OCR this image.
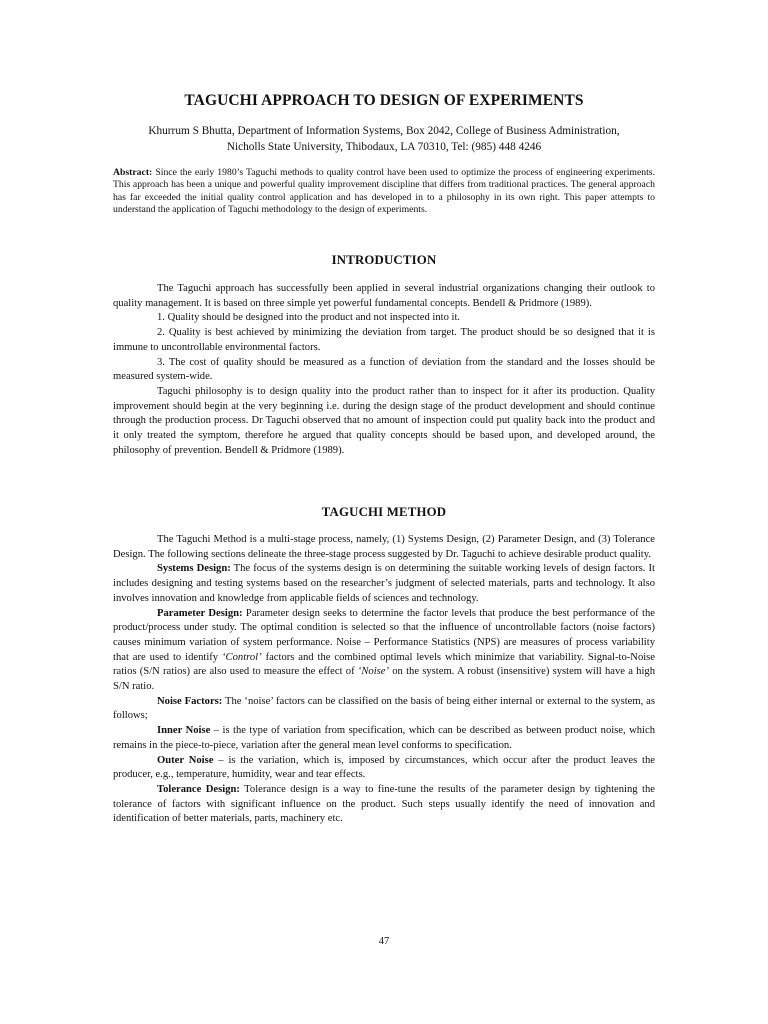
TAGUCHI APPROACH TO DESIGN OF EXPERIMENTS
Khurrum S Bhutta, Department of Information Systems, Box 2042, College of Business Administration,
Nicholls State University, Thibodaux, LA 70310, Tel: (985) 448 4246
Abstract: Since the early 1980’s Taguchi methods to quality control have been used to optimize the process of engineering experiments. This approach has been a unique and powerful quality improvement discipline that differs from traditional practices. The general approach has far exceeded the initial quality control application and has developed in to a philosophy in its own right. This paper attempts to understand the application of Taguchi methodology to the design of experiments.
INTRODUCTION

The Taguchi approach has successfully been applied in several industrial organizations changing their outlook to quality management. It is based on three simple yet powerful fundamental concepts. Bendell & Pridmore (1989).

1. Quality should be designed into the product and not inspected into it.

2. Quality is best achieved by minimizing the deviation from target. The product should be so designed that it is immune to uncontrollable environmental factors.

3. The cost of quality should be measured as a function of deviation from the standard and the losses should be measured system-wide.

Taguchi philosophy is to design quality into the product rather than to inspect for it after its production. Quality improvement should begin at the very beginning i.e. during the design stage of the product development and should continue through the production process. Dr Taguchi observed that no amount of inspection could put quality back into the product and it only treated the symptom, therefore he argued that quality concepts should be based upon, and developed around, the philosophy of prevention. Bendell & Pridmore (1989).

TAGUCHI METHOD

The Taguchi Method is a multi-stage process, namely, (1) Systems Design, (2) Parameter Design, and (3) Tolerance Design. The following sections delineate the three-stage process suggested by Dr. Taguchi to achieve desirable product quality.

Systems Design: The focus of the systems design is on determining the suitable working levels of design factors. It includes designing and testing systems based on the researcher’s judgment of selected materials, parts and technology. It also involves innovation and knowledge from applicable fields of sciences and technology.

Parameter Design: Parameter design seeks to determine the factor levels that produce the best performance of the product/process under study. The optimal condition is selected so that the influence of uncontrollable factors (noise factors) causes minimum variation of system performance. Noise – Performance Statistics (NPS) are measures of process variability that are used to identify ‘Control’ factors and the combined optimal levels which minimize that variability. Signal-to-Noise ratios (S/N ratios) are also used to measure the effect of ‘Noise’ on the system. A robust (insensitive) system will have a high S/N ratio.

Noise Factors: The ‘noise’ factors can be classified on the basis of being either internal or external to the system, as follows;

Inner Noise – is the type of variation from specification, which can be described as between product noise, which remains in the piece-to-piece, variation after the general mean level conforms to specification.

Outer Noise – is the variation, which is, imposed by circumstances, which occur after the product leaves the producer, e.g., temperature, humidity, wear and tear effects.

Tolerance Design: Tolerance design is a way to fine-tune the results of the parameter design by tightening the tolerance of factors with significant influence on the product. Such steps usually identify the need of innovation and identification of better materials, parts, machinery etc.

47
